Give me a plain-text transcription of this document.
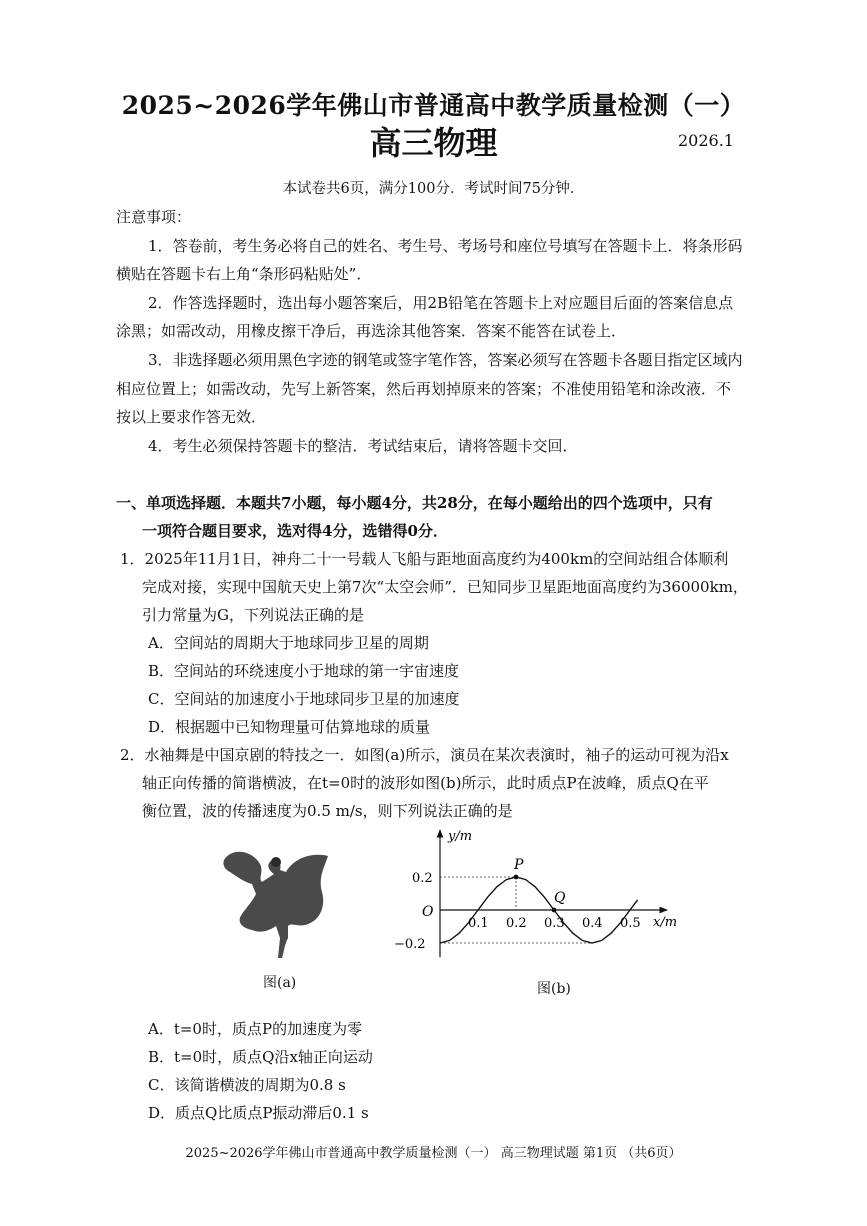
2025~2026学年佛山市普通高中教学质量检测（一）
高三物理	2026.1
本试卷共6页，满分100分．考试时间75分钟．
注意事项：
1．答卷前，考生务必将自己的姓名、考生号、考场号和座位号填写在答题卡上．将条形码
横贴在答题卡右上角“条形码粘贴处”．
2．作答选择题时，选出每小题答案后，用2B铅笔在答题卡上对应题目后面的答案信息点
涂黑；如需改动，用橡皮擦干净后，再选涂其他答案．答案不能答在试卷上．
3．非选择题必须用黑色字迹的钢笔或签字笔作答，答案必须写在答题卡各题目指定区域内
相应位置上；如需改动，先写上新答案，然后再划掉原来的答案；不准使用铅笔和涂改液．不
按以上要求作答无效．
4．考生必须保持答题卡的整洁．考试结束后，请将答题卡交回．
一、单项选择题．本题共7小题，每小题4分，共28分，在每小题给出的四个选项中，只有
一项符合题目要求，选对得4分，选错得0分．
1．2025年11月1日，神舟二十一号载人飞船与距地面高度约为400km的空间站组合体顺利
完成对接，实现中国航天史上第7次“太空会师”．已知同步卫星距地面高度约为36000km，
引力常量为G，下列说法正确的是
A．空间站的周期大于地球同步卫星的周期
B．空间站的环绕速度小于地球的第一宇宙速度
C．空间站的加速度小于地球同步卫星的加速度
D．根据题中已知物理量可估算地球的质量
2．水袖舞是中国京剧的特技之一．如图(a)所示，演员在某次表演时，袖子的运动可视为沿x
轴正向传播的简谐横波，在t=0时的波形如图(b)所示，此时质点P在波峰，质点Q在平
衡位置，波的传播速度为0.5 m/s，则下列说法正确的是
图(a)
P
Q
0.1 0.2 0.3 0.4 0.5
0.2
−0.2
O
x/m
y/m
图(b)
A．t=0时，质点P的加速度为零
B．t=0时，质点Q沿x轴正向运动
C．该简谐横波的周期为0.8 s
D．质点Q比质点P振动滞后0.1 s
2025~2026学年佛山市普通高中教学质量检测（一） 高三物理试题 第1页 （共6页）
